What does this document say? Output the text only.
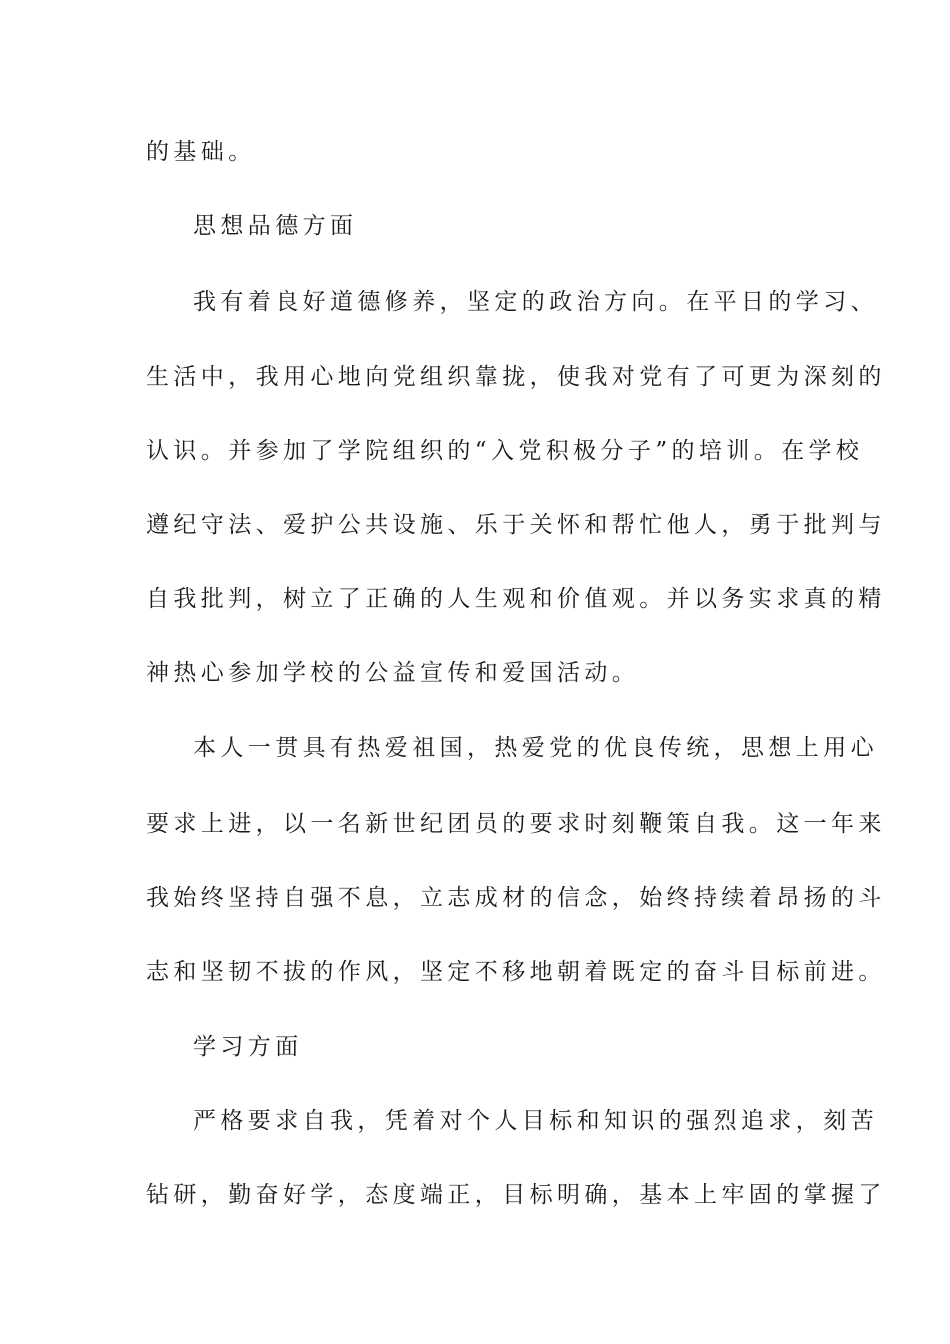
的基础。
思想品德方面
我有着良好道德修养，坚定的政治方向。在平日的学习、
生活中，我用心地向党组织靠拢，使我对党有了可更为深刻的
认识。并参加了学院组织的“入党积极分子”的培训。在学校
遵纪守法、爱护公共设施、乐于关怀和帮忙他人，勇于批判与
自我批判，树立了正确的人生观和价值观。并以务实求真的精
神热心参加学校的公益宣传和爱国活动。
本人一贯具有热爱祖国，热爱党的优良传统，思想上用心
要求上进，以一名新世纪团员的要求时刻鞭策自我。这一年来
我始终坚持自强不息，立志成材的信念，始终持续着昂扬的斗
志和坚韧不拔的作风，坚定不移地朝着既定的奋斗目标前进。
学习方面
严格要求自我，凭着对个人目标和知识的强烈追求，刻苦
钻研，勤奋好学，态度端正，目标明确，基本上牢固的掌握了
